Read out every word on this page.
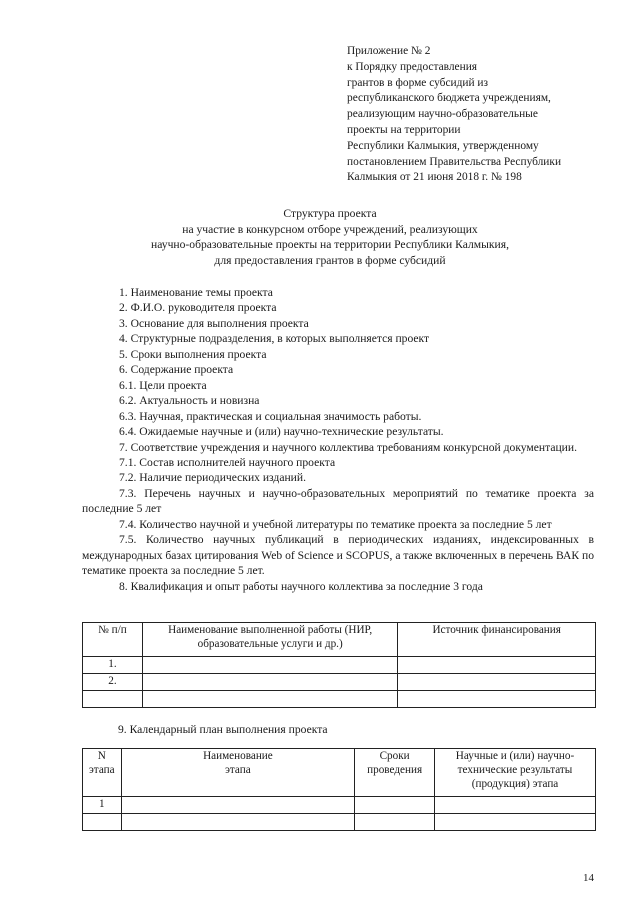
Приложение № 2
к Порядку предоставления
грантов в форме субсидий из
республиканского бюджета учреждениям,
реализующим научно-образовательные
проекты на территории
Республики Калмыкия, утвержденному
постановлением Правительства Республики
Калмыкия от 21 июня 2018 г. № 198
Структура проекта
на участие в конкурсном отборе учреждений, реализующих
научно-образовательные проекты на территории Республики Калмыкия,
для предоставления грантов в форме субсидий

1. Наименование темы проекта

2. Ф.И.О. руководителя проекта

3. Основание для выполнения проекта

4. Структурные подразделения, в которых выполняется проект

5. Сроки выполнения проекта

6. Содержание проекта

6.1. Цели проекта

6.2. Актуальность и новизна

6.3. Научная, практическая и социальная значимость работы.

6.4. Ожидаемые научные и (или) научно-технические результаты.

7. Соответствие учреждения и научного коллектива требованиям конкурсной документации.

7.1. Состав исполнителей научного проекта

7.2. Наличие периодических изданий.

7.3. Перечень научных и научно-образовательных мероприятий по тематике проекта за последние 5 лет

7.4. Количество научной и учебной литературы по тематике проекта за последние 5 лет

7.5. Количество научных публикаций в периодических изданиях, индексированных в международных базах цитирования Web of Science и SCOPUS, а также включенных в перечень ВАК по тематике проекта за последние 5 лет.

8. Квалификация и опыт работы научного коллектива за последние 3 года

№ п/п	Наименование выполненной работы (НИР, образовательные услуги и др.)	Источник финансирования
1.		
2.		

9. Календарный план выполнения проекта
N этапа	Наименование этапа	Сроки проведения	Научные и (или) научно-технические результаты (продукция) этапа
1			

14
